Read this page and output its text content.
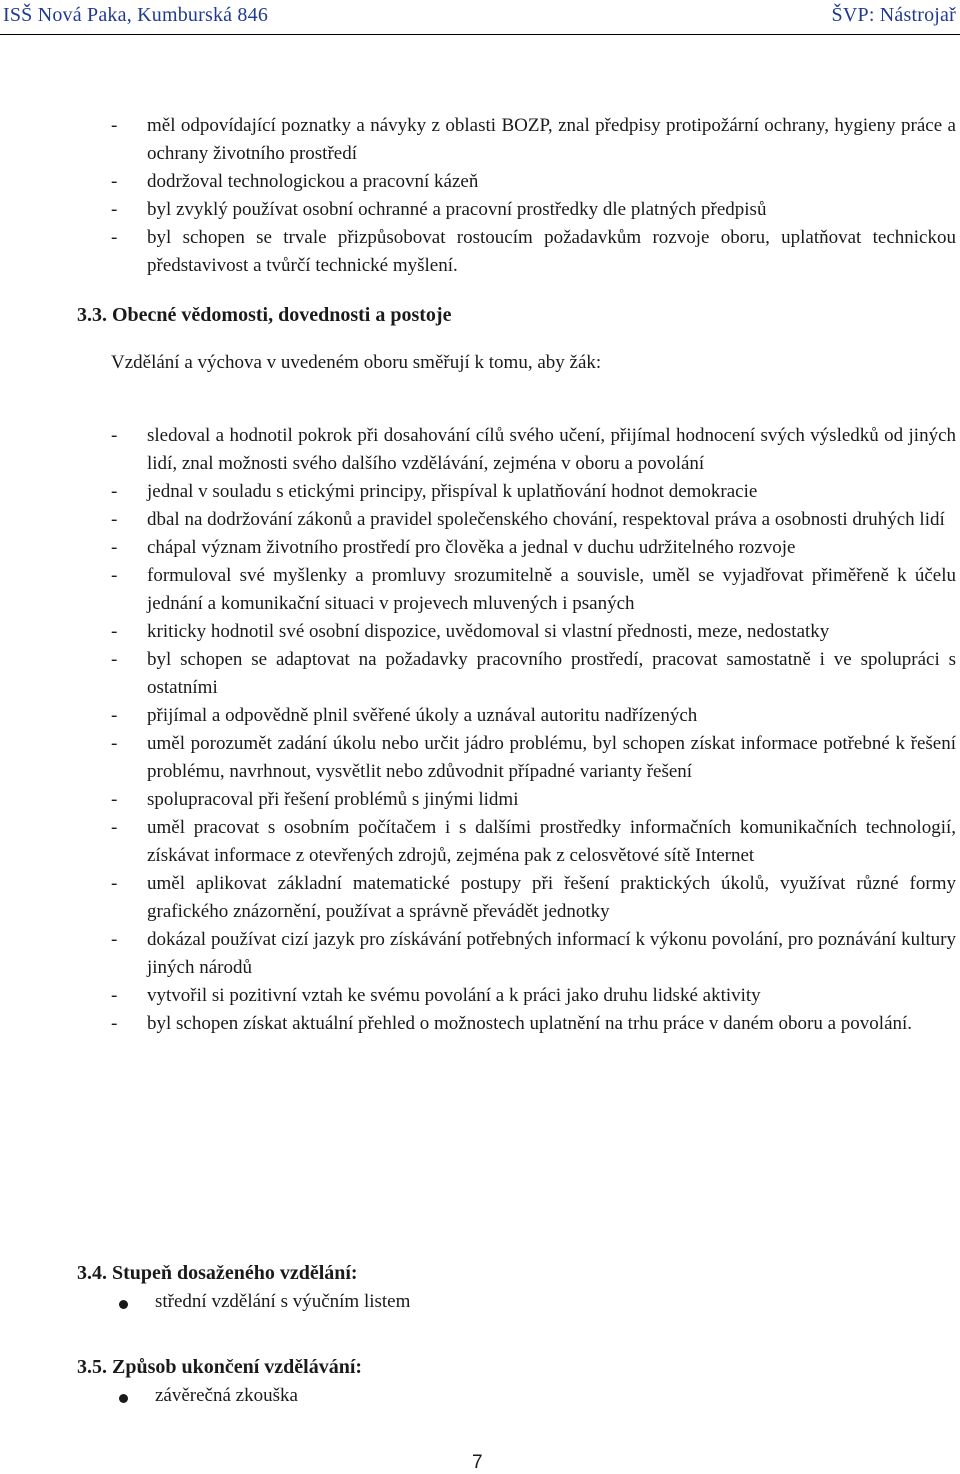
ISŠ Nová Paka, Kumburská 846	ŠVP: Nástrojař
- měl odpovídající poznatky a návyky z oblasti BOZP, znal předpisy protipožární ochrany, hygieny práce a ochrany životního prostředí
- dodržoval technologickou a pracovní kázeň
- byl zvyklý používat osobní ochranné a pracovní prostředky dle platných předpisů
- byl schopen se trvale přizpůsobovat rostoucím požadavkům rozvoje oboru, uplatňovat technickou představivost a tvůrčí technické myšlení.
3.3. Obecné vědomosti, dovednosti a postoje
Vzdělání a výchova v uvedeném oboru směřují k tomu, aby žák:
- sledoval a hodnotil pokrok při dosahování cílů svého učení, přijímal hodnocení svých výsledků od jiných lidí, znal možnosti svého dalšího vzdělávání, zejména v oboru a povolání
- jednal v souladu s etickými principy, přispíval k uplatňování hodnot demokracie
- dbal na dodržování zákonů a pravidel společenského chování, respektoval práva a osobnosti druhých lidí
- chápal význam životního prostředí pro člověka a jednal v duchu udržitelného rozvoje
- formuloval své myšlenky a promluvy srozumitelně a souvisle, uměl se vyjadřovat přiměřeně k účelu jednání a komunikační situaci v projevech mluvených i psaných
- kriticky hodnotil své osobní dispozice, uvědomoval si vlastní přednosti, meze, nedostatky
- byl schopen se adaptovat na požadavky pracovního prostředí, pracovat samostatně i ve spolupráci s ostatními
- přijímal a odpovědně plnil svěřené úkoly a uznával autoritu nadřízených
- uměl porozumět zadání úkolu nebo určit jádro problému, byl schopen získat informace potřebné k řešení problému, navrhnout, vysvětlit nebo zdůvodnit případné varianty řešení
- spolupracoval při řešení problémů s jinými lidmi
- uměl pracovat s osobním počítačem i s dalšími prostředky informačních komunikačních technologií, získávat informace z otevřených zdrojů, zejména pak z celosvětové sítě Internet
- uměl aplikovat základní matematické postupy při řešení praktických úkolů, využívat různé formy grafického znázornění, používat a správně převádět jednotky
- dokázal používat cizí jazyk pro získávání potřebných informací k výkonu povolání, pro poznávání kultury jiných národů
- vytvořil si pozitivní vztah ke svému povolání a k práci jako druhu lidské aktivity
- byl schopen získat aktuální přehled o možnostech uplatnění na trhu práce v daném oboru a povolání.
3.4. Stupeň dosaženého vzdělání:
střední vzdělání s výučním listem
3.5. Způsob ukončení vzdělávání:
závěrečná zkouška
7
